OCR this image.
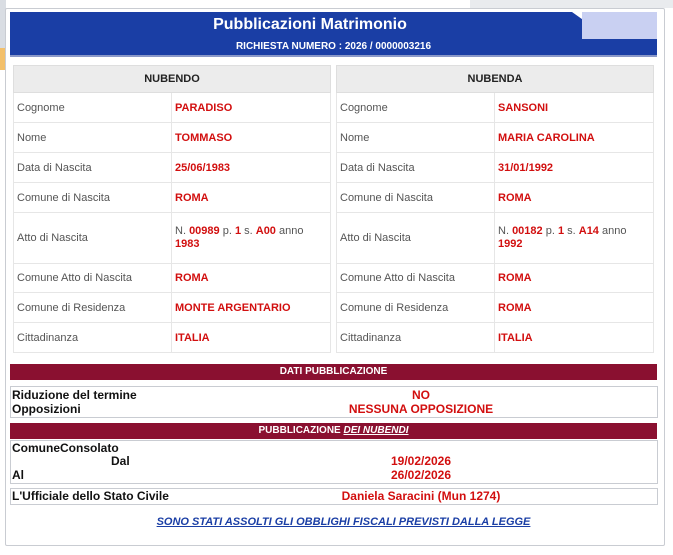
Pubblicazioni Matrimonio
RICHIESTA NUMERO : 2026 / 0000003216
NUBENDO	
Cognome	PARADISO
Nome	TOMMASO
Data di Nascita	25/06/1983
Comune di Nascita	ROMA
Atto di Nascita	N. 00989 p. 1 s. A00 anno 1983
Comune Atto di Nascita	ROMA
Comune di Residenza	MONTE ARGENTARIO
Cittadinanza	ITALIA
NUBENDA	
Cognome	SANSONI
Nome	MARIA CAROLINA
Data di Nascita	31/01/1992
Comune di Nascita	ROMA
Atto di Nascita	N. 00182 p. 1 s. A14 anno 1992
Comune Atto di Nascita	ROMA
Comune di Residenza	ROMA
Cittadinanza	ITALIA
DATI PUBBLICAZIONE
Riduzione del termine	NO
Opposizioni	NESSUNA OPPOSIZIONE
PUBBLICAZIONE DEI NUBENDI
ComuneConsolato
Dal	19/02/2026
Al	26/02/2026
L'Ufficiale dello Stato Civile	Daniela Saracini (Mun 1274)
SONO STATI ASSOLTI GLI OBBLIGHI FISCALI PREVISTI DALLA LEGGE
